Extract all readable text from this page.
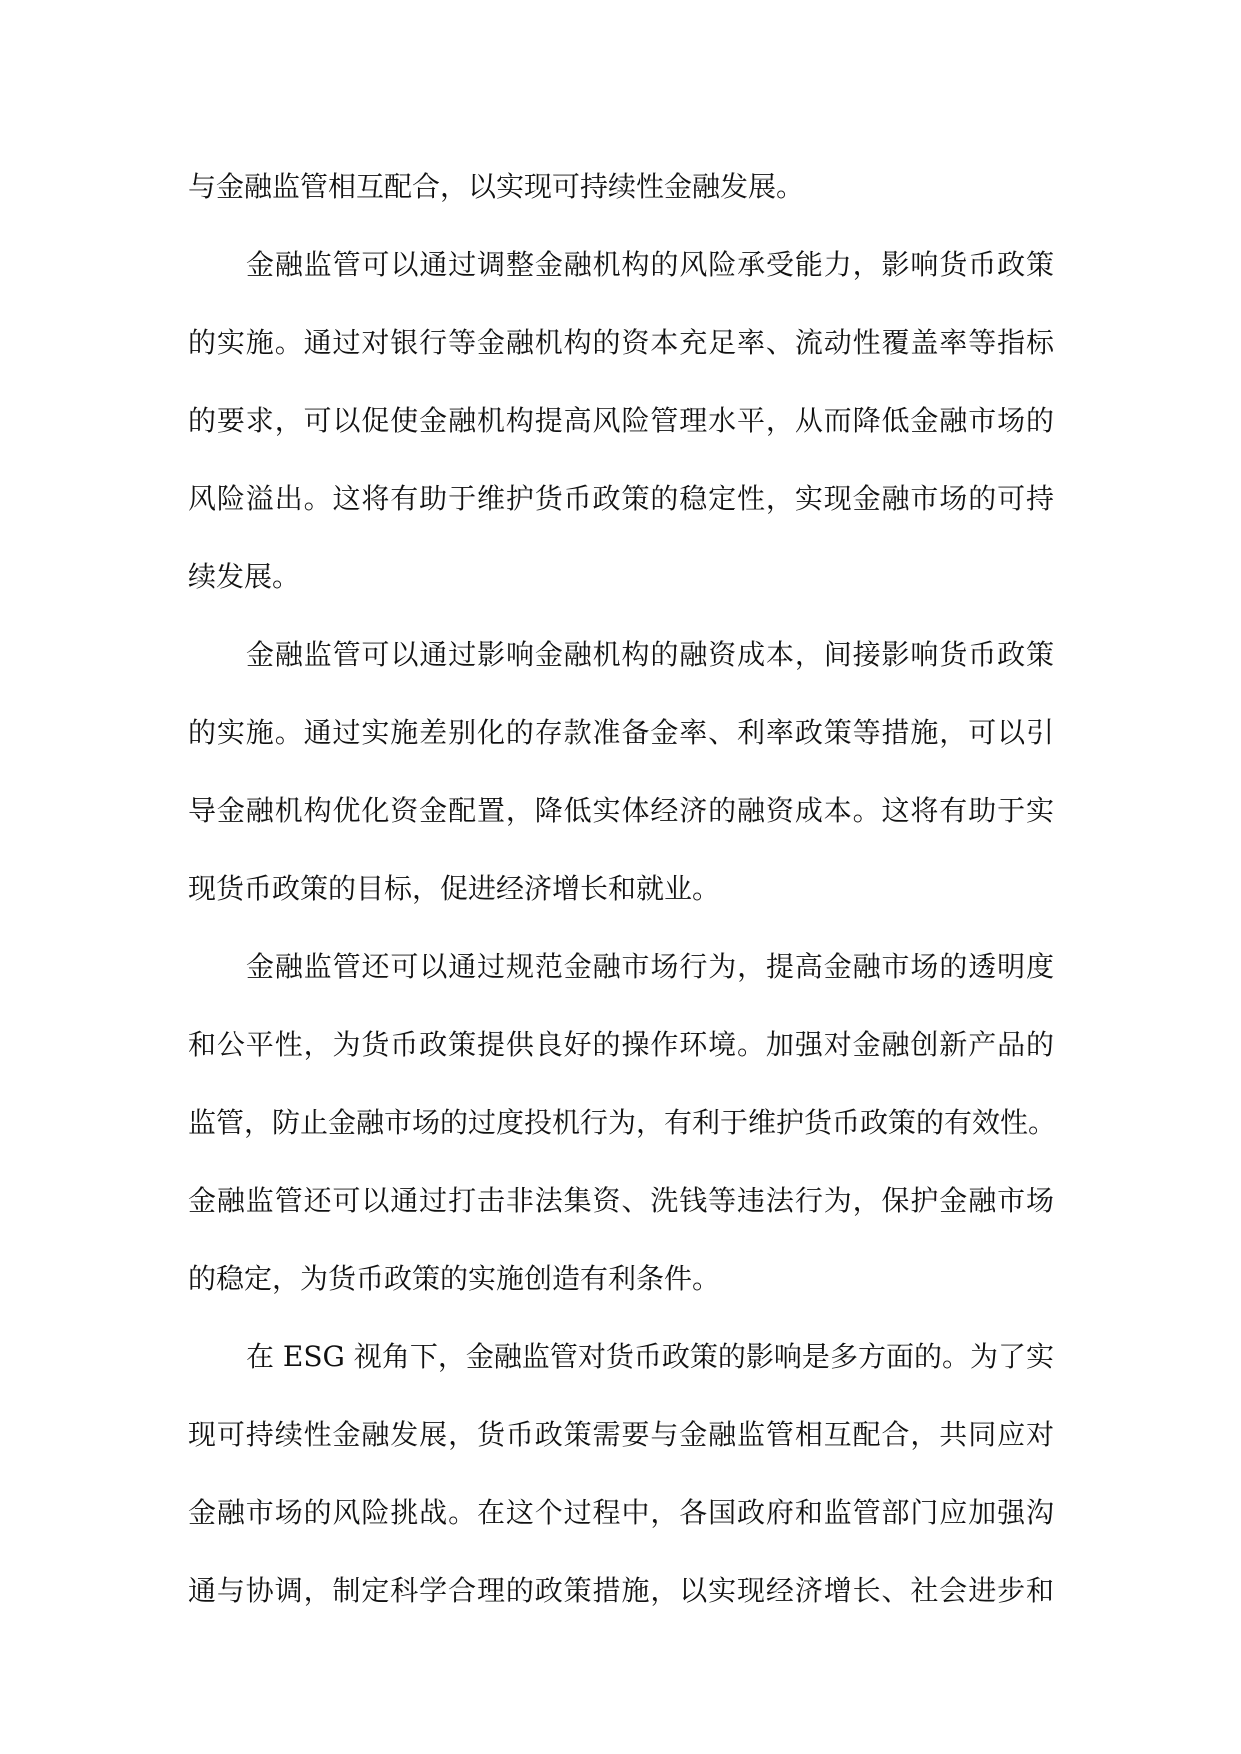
与金融监管相互配合，以实现可持续性金融发展。
金融监管可以通过调整金融机构的风险承受能力，影响货币政策
的实施。通过对银行等金融机构的资本充足率、流动性覆盖率等指标
的要求，可以促使金融机构提高风险管理水平，从而降低金融市场的
风险溢出。这将有助于维护货币政策的稳定性，实现金融市场的可持
续发展。
金融监管可以通过影响金融机构的融资成本，间接影响货币政策
的实施。通过实施差别化的存款准备金率、利率政策等措施，可以引
导金融机构优化资金配置，降低实体经济的融资成本。这将有助于实
现货币政策的目标，促进经济增长和就业。
金融监管还可以通过规范金融市场行为，提高金融市场的透明度
和公平性，为货币政策提供良好的操作环境。加强对金融创新产品的
监管，防止金融市场的过度投机行为，有利于维护货币政策的有效性。
金融监管还可以通过打击非法集资、洗钱等违法行为，保护金融市场
的稳定，为货币政策的实施创造有利条件。
在 ESG 视角下，金融监管对货币政策的影响是多方面的。为了实
现可持续性金融发展，货币政策需要与金融监管相互配合，共同应对
金融市场的风险挑战。在这个过程中，各国政府和监管部门应加强沟
通与协调，制定科学合理的政策措施，以实现经济增长、社会进步和
